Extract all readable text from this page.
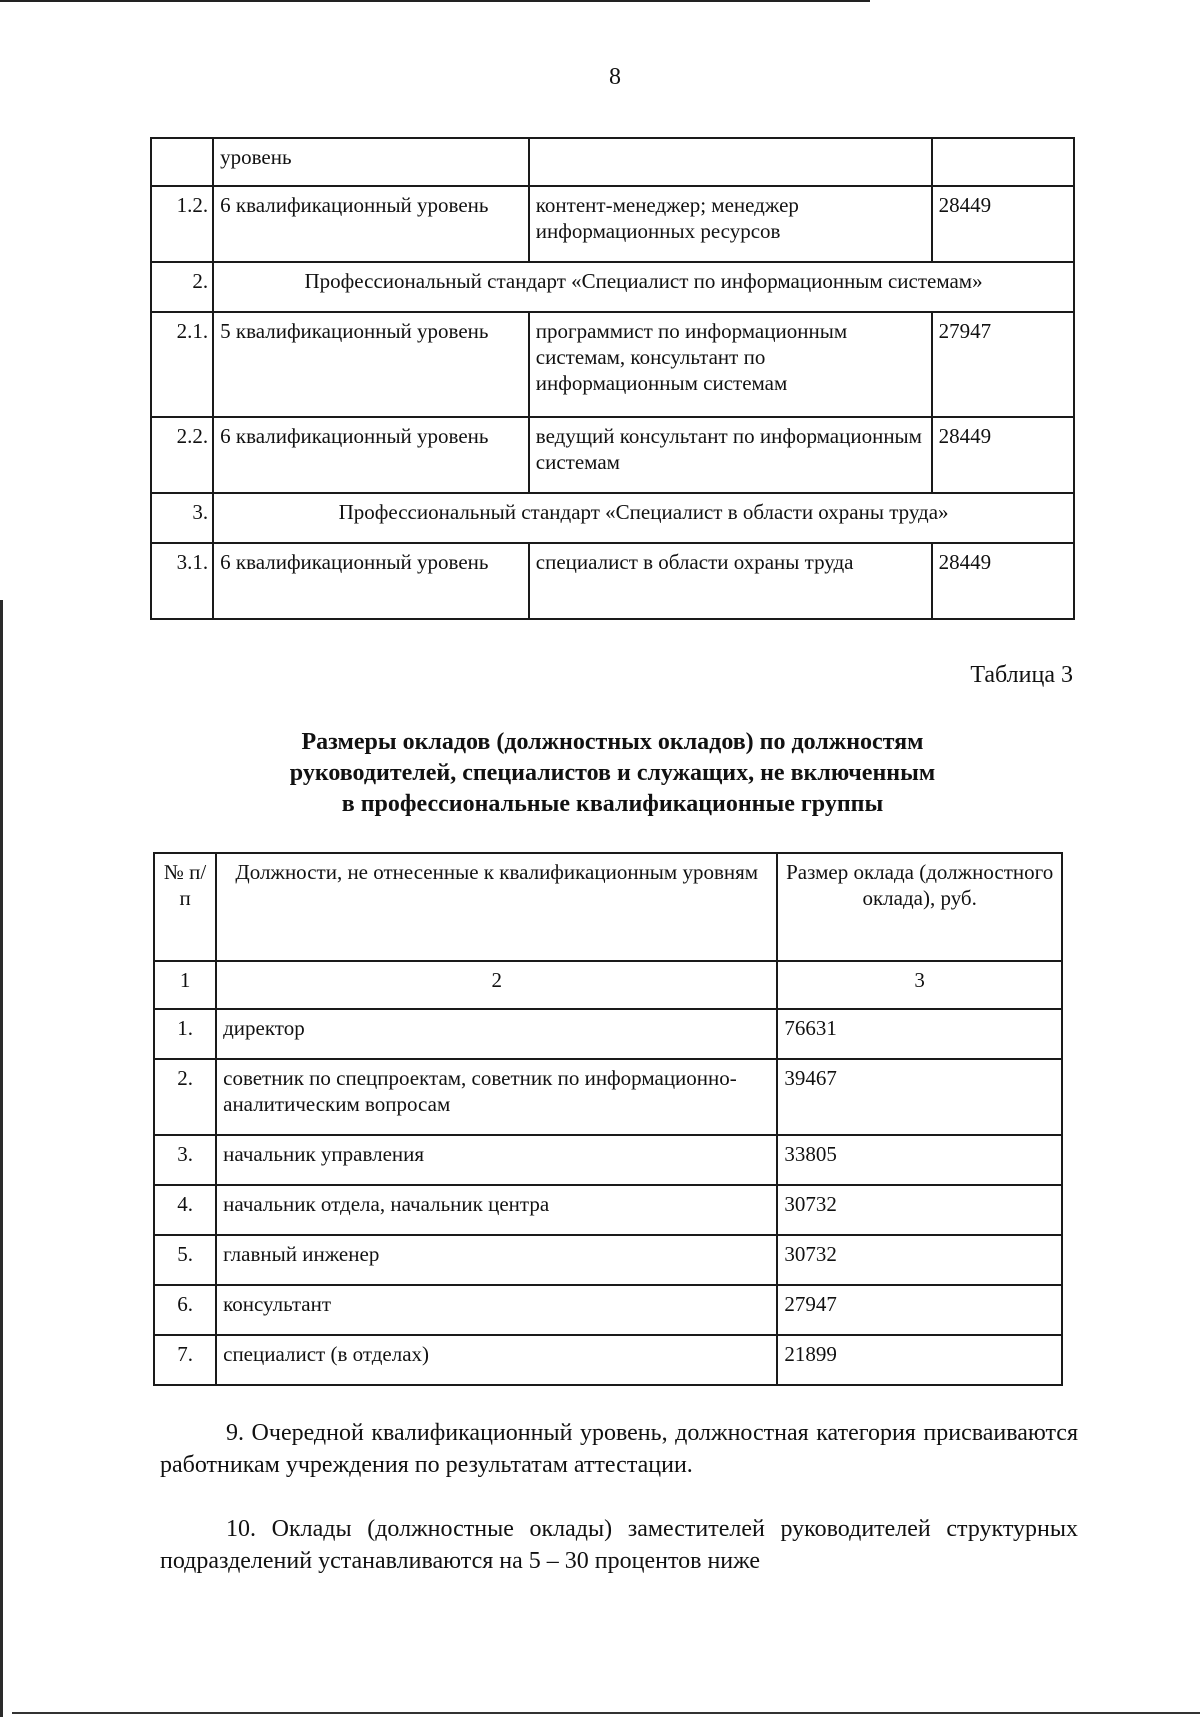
8
	уровень		
1.2.	6 квалификационный уровень	контент-менеджер; менеджер информационных ресурсов	28449
2.	Профессиональный стандарт «Специалист по информационным системам»		
2.1.	5 квалификационный уровень	программист по информационным системам, консультант по информационным системам	27947
2.2.	6 квалификационный уровень	ведущий консультант по информационным системам	28449
3.	Профессиональный стандарт «Специалист в области охраны труда»		
3.1.	6 квалификационный уровень	специалист в области охраны труда	28449
Таблица 3
Размеры окладов (должностных окладов) по должностям
руководителей, специалистов и служащих, не включенным
в профессиональные квалификационные группы
№ п/п	Должности, не отнесенные к квалификационным уровням	Размер оклада (должностного оклада), руб.
1	2	3
1.	директор	76631
2.	советник по спецпроектам, советник по информационно-аналитическим вопросам	39467
3.	начальник управления	33805
4.	начальник отдела, начальник центра	30732
5.	главный инженер	30732
6.	консультант	27947
7.	специалист (в отделах)	21899
9. Очередной квалификационный уровень, должностная категория присваиваются работникам учреждения по результатам аттестации.
10. Оклады (должностные оклады) заместителей руководителей структурных подразделений устанавливаются на 5 – 30 процентов ниже
